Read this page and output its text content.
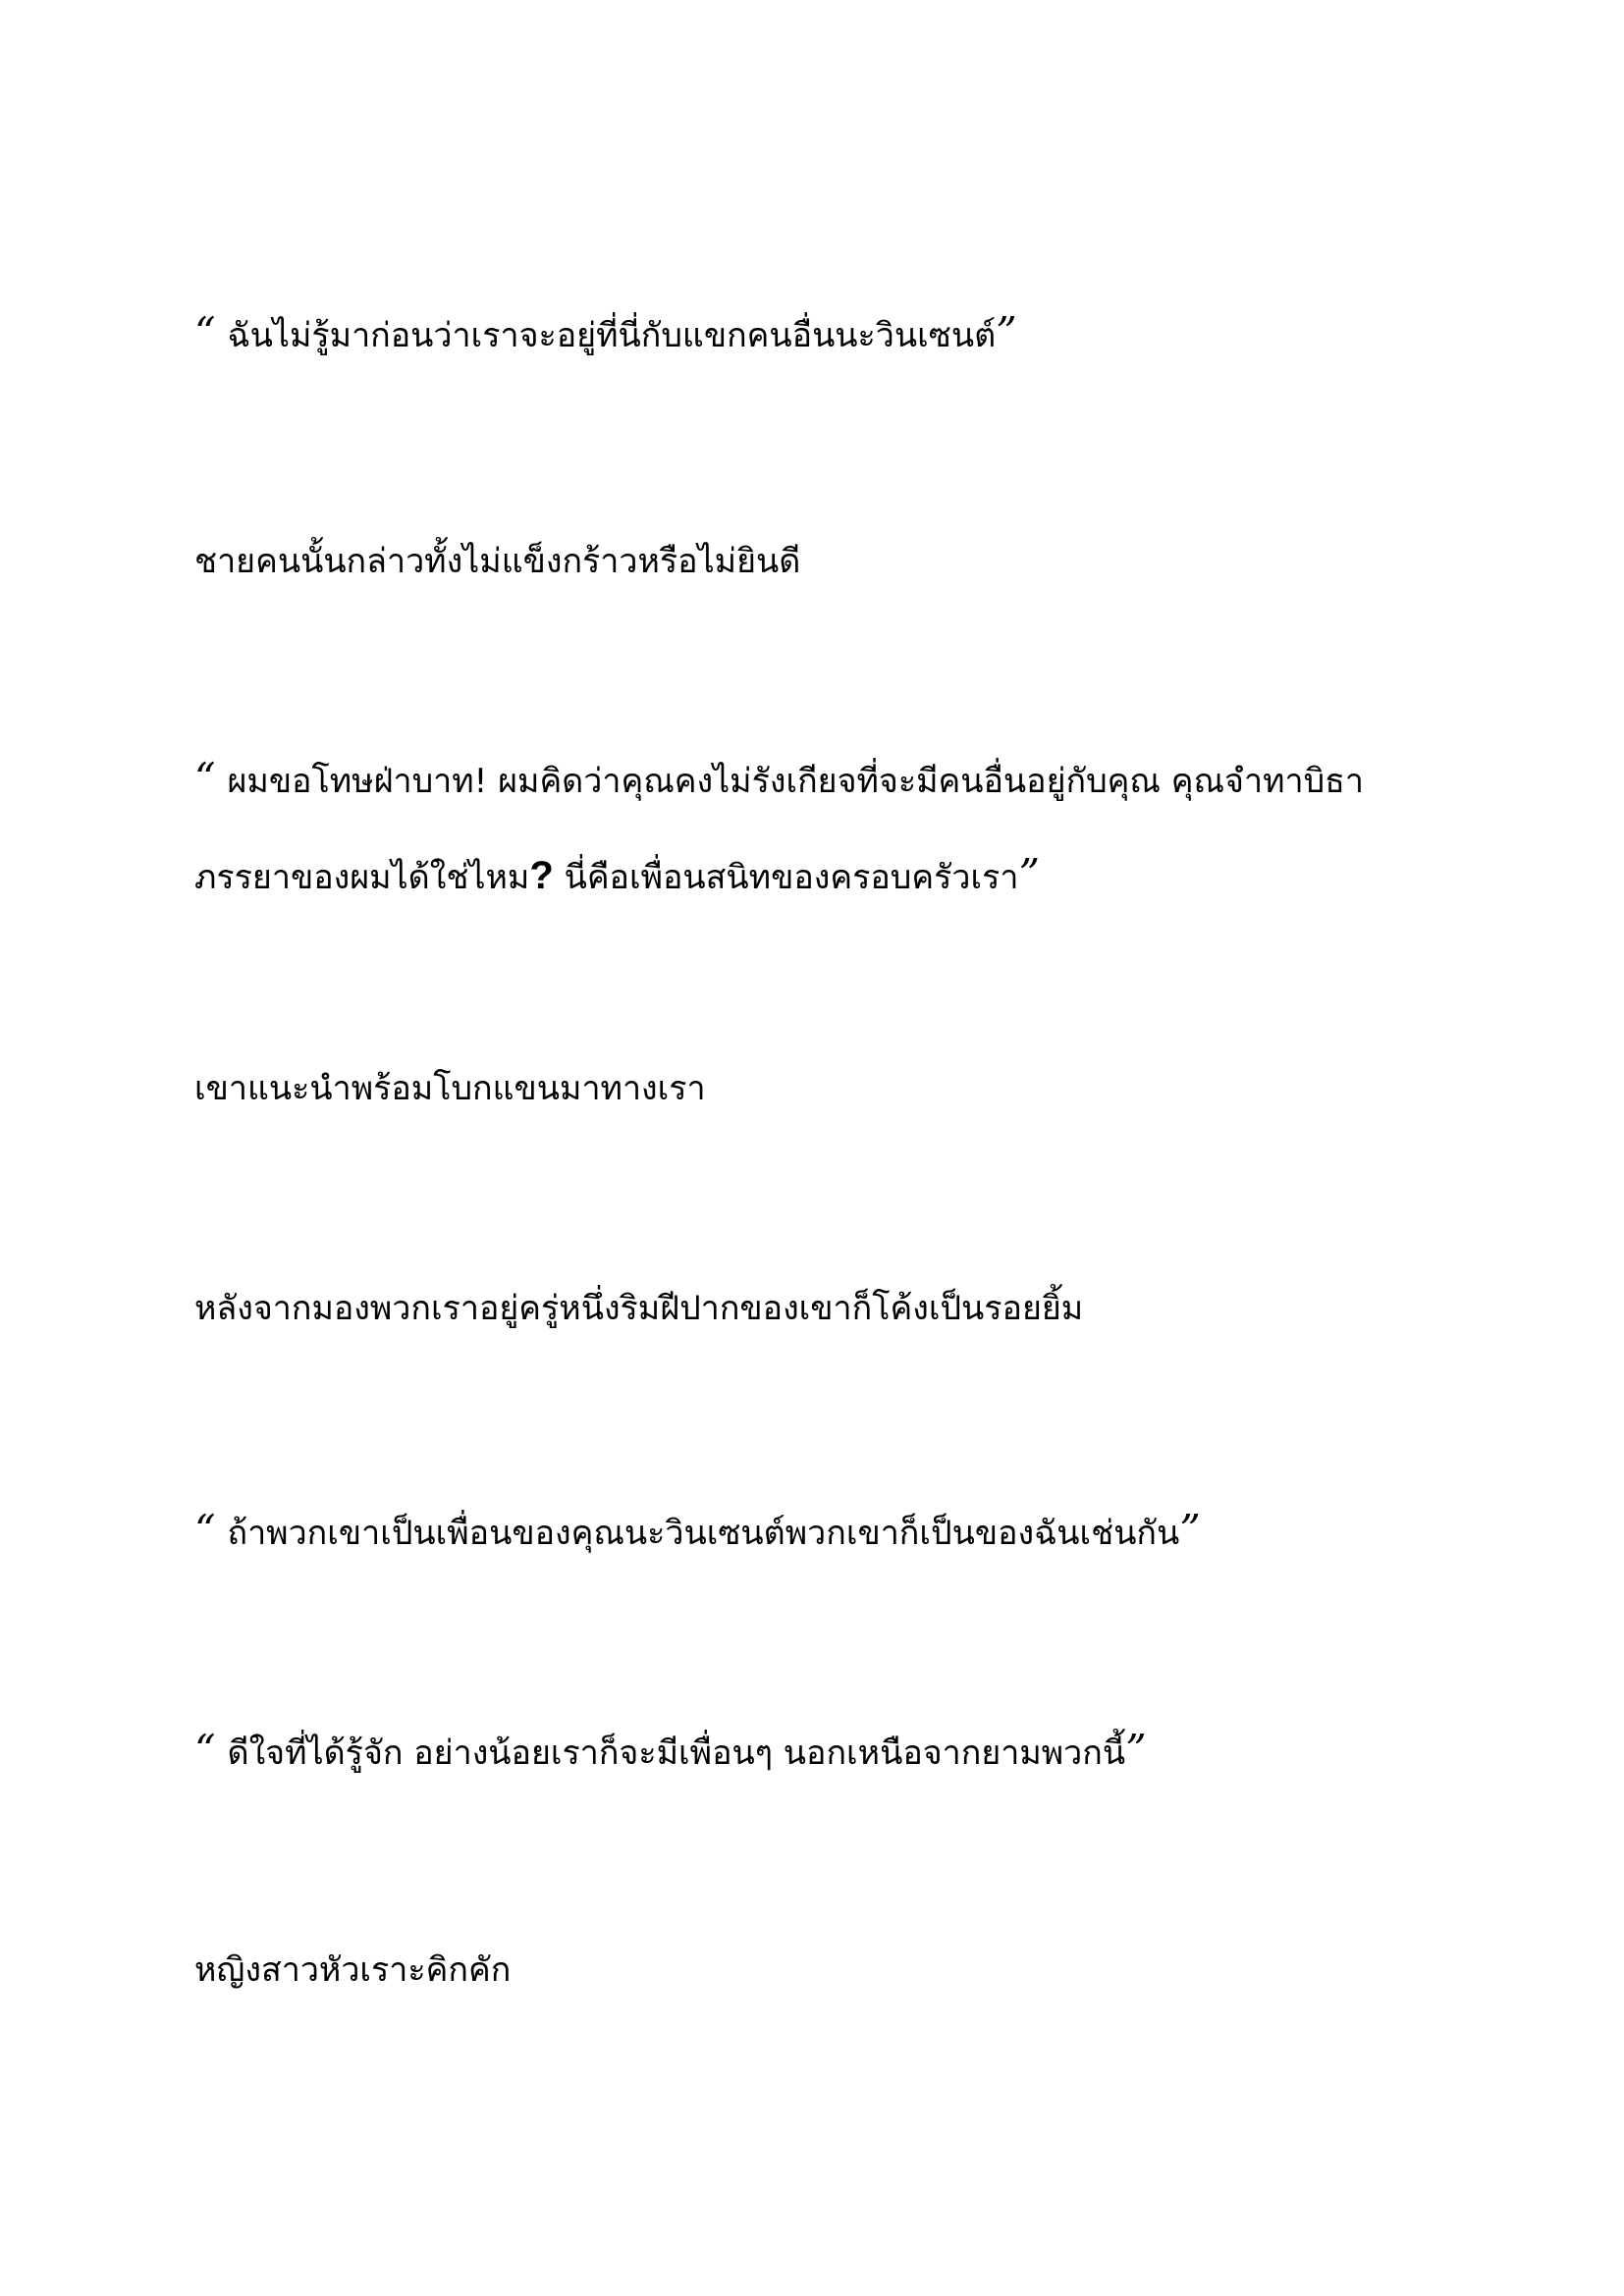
“ ฉันไม่รู้มาก่อนว่าเราจะอยู่ที่นี่กับแขกคนอื่นนะวินเซนต์”
ชายคนนั้นกล่าวทั้งไม่แข็งกร้าวหรือไม่ยินดี
“ ผมขอโทษฝ่าบาท! ผมคิดว่าคุณคงไม่รังเกียจที่จะมีคนอื่นอยู่กับคุณ คุณจำทาบิธา
ภรรยาของผมได้ใช่ไหม? นี่คือเพื่อนสนิทของครอบครัวเรา”
เขาแนะนำพร้อมโบกแขนมาทางเรา
หลังจากมองพวกเราอยู่ครู่หนึ่งริมฝีปากของเขาก็โค้งเป็นรอยยิ้ม
“ ถ้าพวกเขาเป็นเพื่อนของคุณนะวินเซนต์พวกเขาก็เป็นของฉันเช่นกัน”
“ ดีใจที่ได้รู้จัก อย่างน้อยเราก็จะมีเพื่อนๆ นอกเหนือจากยามพวกนี้”
หญิงสาวหัวเราะคิกคัก
